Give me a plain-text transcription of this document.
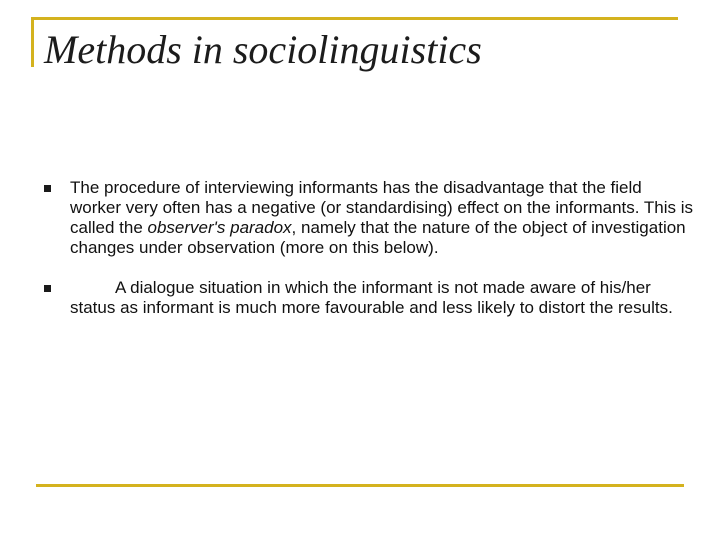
Methods in sociolinguistics
The procedure of interviewing informants has the disadvantage that the field worker very often has a negative (or standardising) effect on the informants. This is called the observer's paradox, namely that the nature of the object of investigation changes under observation (more on this below).
A dialogue situation in which the informant is not made aware of his/her status as informant is much more favourable and less likely to distort the results.
